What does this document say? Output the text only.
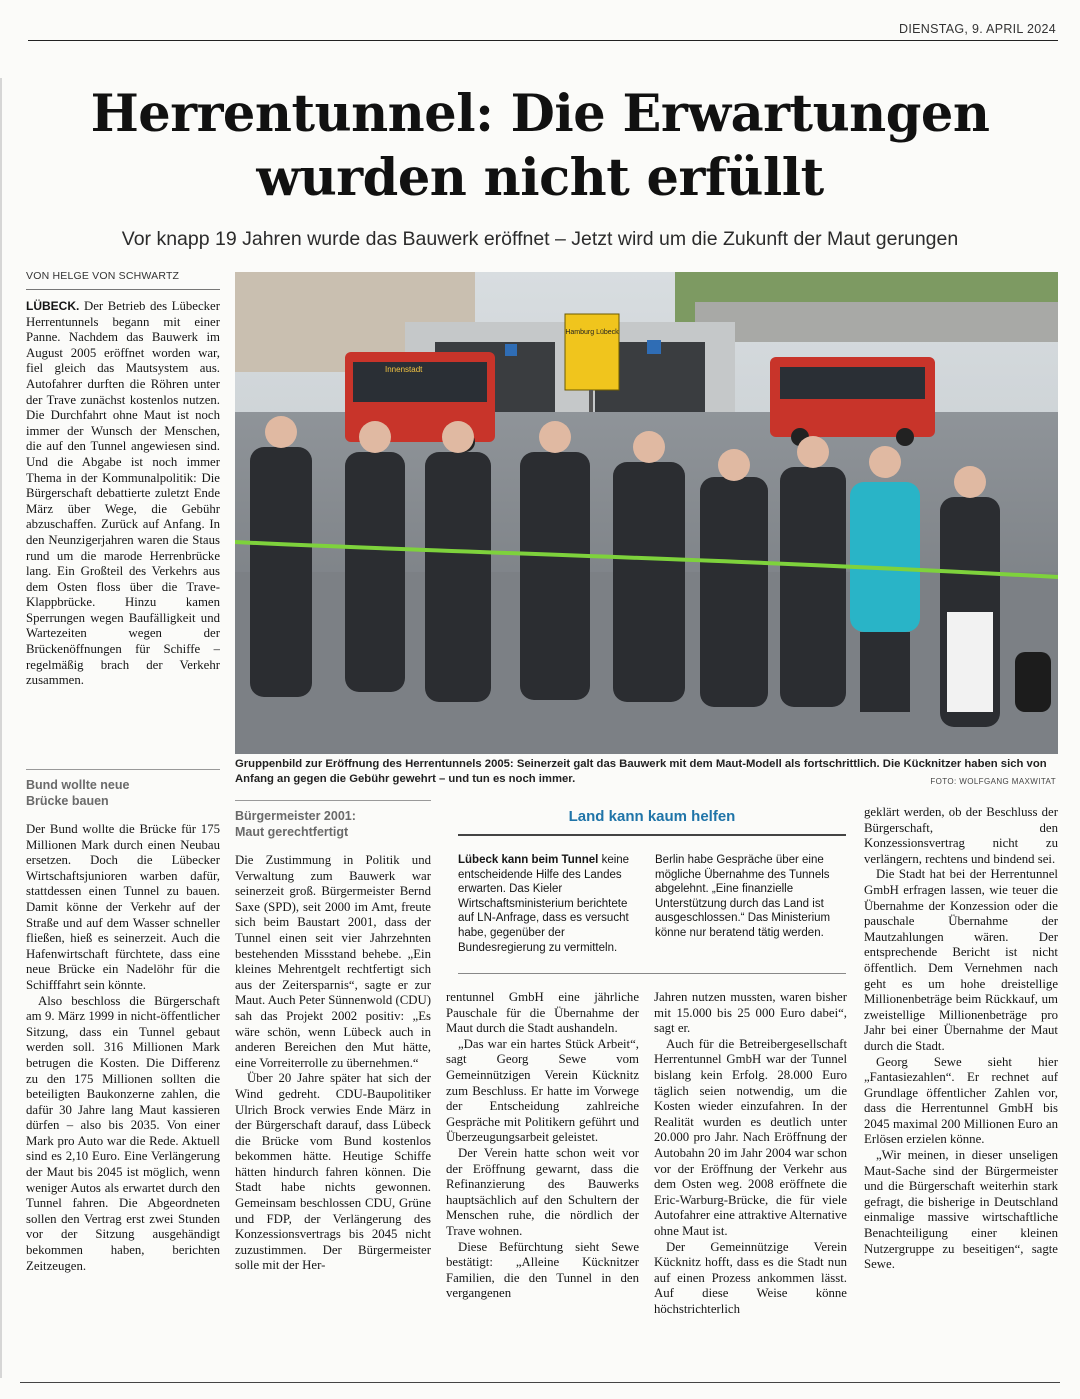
DIENSTAG, 9. APRIL 2024
Herrentunnel: Die Erwartungen
wurden nicht erfüllt
Vor knapp 19 Jahren wurde das Bauwerk eröffnet – Jetzt wird um die Zukunft der Maut gerungen
VON HELGE VON SCHWARTZ

LÜBECK. Der Betrieb des Lübecker Herrentunnels begann mit einer Panne. Nachdem das Bauwerk im August 2005 eröffnet worden war, fiel gleich das Mautsystem aus. Autofahrer durften die Röhren unter der Trave zunächst kostenlos nutzen. Die Durchfahrt ohne Maut ist noch immer der Wunsch der Menschen, die auf den Tunnel angewiesen sind. Und die Abgabe ist noch immer Thema in der Kommunalpolitik: Die Bürgerschaft debattierte zuletzt Ende März über Wege, die Gebühr abzuschaffen. Zurück auf Anfang. In den Neunzigerjahren waren die Staus rund um die marode Herrenbrücke lang. Ein Großteil des Verkehrs aus dem Osten floss über die Trave-Klappbrücke. Hinzu kamen Sperrungen wegen Baufälligkeit und Wartezeiten wegen der Brückenöffnungen für Schiffe – regelmäßig brach der Verkehr zusammen.

Bund wollte neue
Brücke bauen

Der Bund wollte die Brücke für 175 Millionen Mark durch einen Neubau ersetzen. Doch die Lübecker Wirtschaftsjunioren warben dafür, stattdessen einen Tunnel zu bauen. Damit könne der Verkehr auf der Straße und auf dem Wasser schneller fließen, hieß es seinerzeit. Auch die Hafenwirtschaft fürchtete, dass eine neue Brücke ein Nadelöhr für die Schifffahrt sein könnte.

Also beschloss die Bürgerschaft am 9. März 1999 in nicht-öffentlicher Sitzung, dass ein Tunnel gebaut werden soll. 316 Millionen Mark betrugen die Kosten. Die Differenz zu den 175 Millionen sollten die beteiligten Baukonzerne zahlen, die dafür 30 Jahre lang Maut kassieren dürfen – also bis 2035. Von einer Mark pro Auto war die Rede. Aktuell sind es 2,10 Euro. Eine Verlängerung der Maut bis 2045 ist möglich, wenn weniger Autos als erwartet durch den Tunnel fahren. Die Abgeordneten sollen den Vertrag erst zwei Stunden vor der Sitzung ausgehändigt bekommen haben, berichten Zeitzeugen.

Hamburg Lübeck
Innenstadt
Gruppenbild zur Eröffnung des Herrentunnels 2005: Seinerzeit galt das Bauwerk mit dem Maut-Modell als fortschrittlich. Die Kücknitzer haben sich von Anfang an gegen die Gebühr gewehrt – und tun es noch immer.	FOTO: WOLFGANG MAXWITAT
Bürgermeister 2001:
Maut gerechtfertigt

Die Zustimmung in Politik und Verwaltung zum Bauwerk war seinerzeit groß. Bürgermeister Bernd Saxe (SPD), seit 2000 im Amt, freute sich beim Baustart 2001, dass der Tunnel einen seit vier Jahrzehnten bestehenden Missstand behebe. „Ein kleines Mehrentgelt rechtfertigt sich aus der Zeitersparnis“, sagte er zur Maut. Auch Peter Sünnenwold (CDU) sah das Projekt 2002 positiv: „Es wäre schön, wenn Lübeck auch in anderen Bereichen den Mut hätte, eine Vorreiterrolle zu übernehmen.“

Über 20 Jahre später hat sich der Wind gedreht. CDU-Baupolitiker Ulrich Brock verwies Ende März in der Bürgerschaft darauf, dass Lübeck die Brücke vom Bund kostenlos bekommen hätte. Heutige Schiffe hätten hindurch fahren können. Die Stadt habe nichts gewonnen. Gemeinsam beschlossen CDU, Grüne und FDP, der Verlängerung des Konzessionsvertrags bis 2045 nicht zuzustimmen. Der Bürgermeister solle mit der Her-

Land kann kaum helfen
Lübeck kann beim Tunnel keine entscheidende Hilfe des Landes erwarten. Das Kieler Wirtschaftsministerium berichtete auf LN-Anfrage, dass es versucht habe, gegenüber der Bundesregierung zu vermitteln.
Berlin habe Gespräche über eine mögliche Übernahme des Tunnels abgelehnt. „Eine finanzielle Unterstützung durch das Land ist ausgeschlossen.“ Das Ministerium könne nur beratend tätig werden.

rentunnel GmbH eine jährliche Pauschale für die Übernahme der Maut durch die Stadt aushandeln.

„Das war ein hartes Stück Arbeit“, sagt Georg Sewe vom Gemeinnützigen Verein Kücknitz zum Beschluss. Er hatte im Vorwege der Entscheidung zahlreiche Gespräche mit Politikern geführt und Überzeugungsarbeit geleistet.

Der Verein hatte schon weit vor der Eröffnung gewarnt, dass die Refinanzierung des Bauwerks hauptsächlich auf den Schultern der Menschen ruhe, die nördlich der Trave wohnen.

Diese Befürchtung sieht Sewe bestätigt: „Alleine Kücknitzer Familien, die den Tunnel in den vergangenen

Jahren nutzen mussten, waren bisher mit 15.000 bis 25 000 Euro dabei“, sagt er.

Auch für die Betreibergesellschaft Herrentunnel GmbH war der Tunnel bislang kein Erfolg. 28.000 Euro täglich seien notwendig, um die Kosten wieder einzufahren. In der Realität wurden es deutlich unter 20.000 pro Jahr. Nach Eröffnung der Autobahn 20 im Jahr 2004 war schon vor der Eröffnung der Verkehr aus dem Osten weg. 2008 eröffnete die Eric-Warburg-Brücke, die für viele Autofahrer eine attraktive Alternative ohne Maut ist.

Der Gemeinnützige Verein Kücknitz hofft, dass es die Stadt nun auf einen Prozess ankommen lässt. Auf diese Weise könne höchstrichterlich

geklärt werden, ob der Beschluss der Bürgerschaft, den Konzessionsvertrag nicht zu verlängern, rechtens und bindend sei.

Die Stadt hat bei der Herrentunnel GmbH erfragen lassen, wie teuer die Übernahme der Konzession oder die pauschale Übernahme der Mautzahlungen wären. Der entsprechende Bericht ist nicht öffentlich. Dem Vernehmen nach geht es um hohe dreistellige Millionenbeträge beim Rückkauf, um zweistellige Millionenbeträge pro Jahr bei einer Übernahme der Maut durch die Stadt.

Georg Sewe sieht hier „Fantasiezahlen“. Er rechnet auf Grundlage öffentlicher Zahlen vor, dass die Herrentunnel GmbH bis 2045 maximal 200 Millionen Euro an Erlösen erzielen könne.

„Wir meinen, in dieser unseligen Maut-Sache sind der Bürgermeister und die Bürgerschaft weiterhin stark gefragt, die bisherige in Deutschland einmalige massive wirtschaftliche Benachteiligung einer kleinen Nutzergruppe zu beseitigen“, sagte Sewe.
